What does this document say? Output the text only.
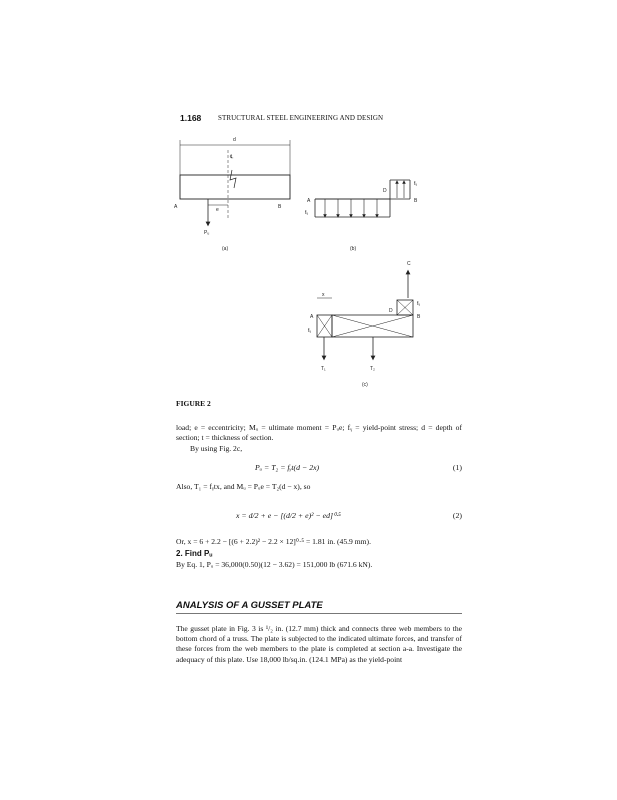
1.168 STRUCTURAL STEEL ENGINEERING AND DESIGN
d
℄
A	B
e
Pᵤ
(a)
A	B
D
fᵧ
fᵧ
(b)
C
x
A	B
D
fᵧ
fᵧ
T₁	T₂
(c)
FIGURE 2
load; e = eccentricity; Mᵤ = ultimate moment = Pᵤe; fᵧ = yield-point stress; d = depth of section; t = thickness of section.
By using Fig. 2c,
Pᵤ = T₂ = fᵧt(d − 2x)	(1)
Also, T₁ = fᵧtx, and Mᵤ = Pᵤe = T₂(d − x), so
x = d/2 + e − [(d/2 + e)² − ed]⁰·⁵	(2)
Or, x = 6 + 2.2 − [(6 + 2.2)² − 2.2 × 12]⁰·⁵ = 1.81 in. (45.9 mm).
2. Find Pᵤ
By Eq. 1, Pᵤ = 36,000(0.50)(12 − 3.62) = 151,000 lb (671.6 kN).
ANALYSIS OF A GUSSET PLATE
The gusset plate in Fig. 3 is ¹/₂ in. (12.7 mm) thick and connects three web members to the bottom chord of a truss. The plate is subjected to the indicated ultimate forces, and transfer of these forces from the web members to the plate is completed at section a-a. Investigate the adequacy of this plate. Use 18,000 lb/sq.in. (124.1 MPa) as the yield-point
